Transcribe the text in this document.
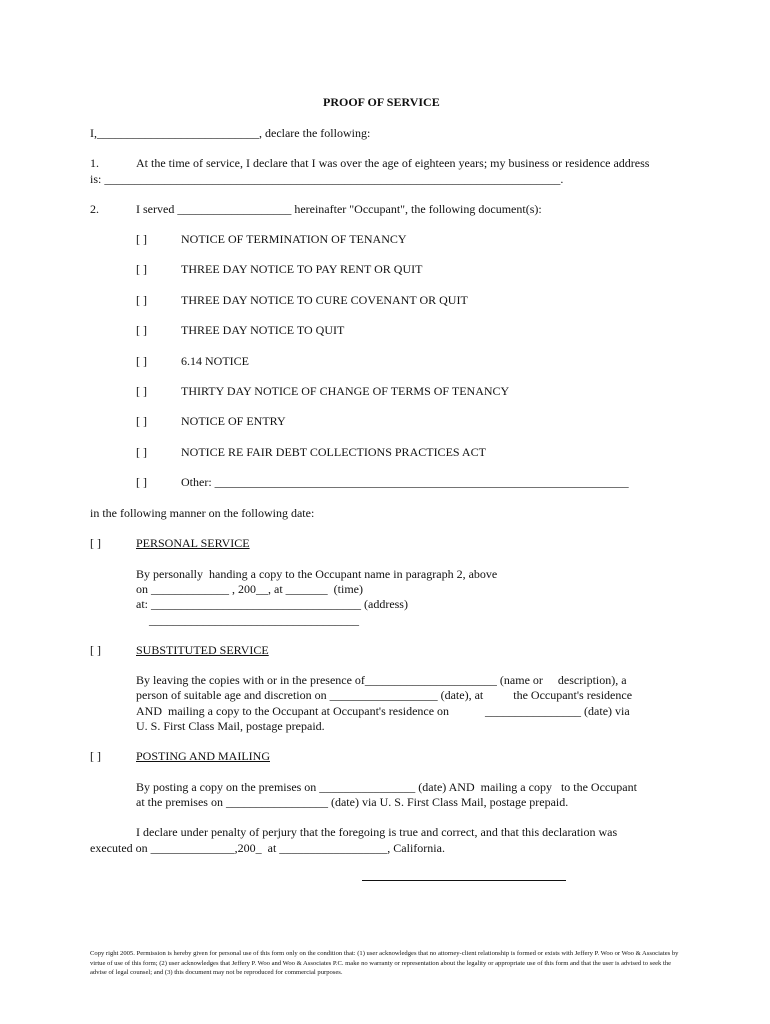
PROOF OF SERVICE
I,___________________________, declare the following:
1.	At the time of service, I declare that I was over the age of eighteen years; my business or residence address
is: ____________________________________________________________________________.
2.	I served ___________________ hereinafter "Occupant", the following document(s):
[ ]	NOTICE OF TERMINATION OF TENANCY
[ ]	THREE DAY NOTICE TO PAY RENT OR QUIT
[ ]	THREE DAY NOTICE TO CURE COVENANT OR QUIT
[ ]	THREE DAY NOTICE TO QUIT
[ ]	6.14 NOTICE
[ ]	THIRTY DAY NOTICE OF CHANGE OF TERMS OF TENANCY
[ ]	NOTICE OF ENTRY
[ ]	NOTICE RE FAIR DEBT COLLECTIONS PRACTICES ACT
[ ]	Other: _____________________________________________________________________
in the following manner on the following date:
[ ]	PERSONAL SERVICE
By personally  handing a copy to the Occupant name in paragraph 2, above
on _____________ , 200__, at _______  (time)
at: ___________________________________ (address)
___________________________________
[ ]	SUBSTITUTED SERVICE
By leaving the copies with or in the presence of______________________ (name or     description), a
person of suitable age and discretion on __________________ (date), at          the Occupant's residence
AND  mailing a copy to the Occupant at Occupant's residence on            ________________ (date) via
U. S. First Class Mail, postage prepaid.
[ ]	POSTING AND MAILING
By posting a copy on the premises on ________________ (date) AND  mailing a copy   to the Occupant
at the premises on _________________ (date) via U. S. First Class Mail, postage prepaid.
I declare under penalty of perjury that the foregoing is true and correct, and that this declaration was
executed on ______________,200_  at __________________, California.
Copy right 2005. Permission is hereby given for personal use of this form only on the condition that: (1) user acknowledges that no attorney-client relationship is formed or exists with Jeffery P. Woo or Woo & Associates by virtue of use of this form; (2) user acknowledges that Jeffery P. Woo and Woo & Associates P.C. make no warranty or representation about the legality or appropriate use of this form and that the user is advised to seek the advise of legal counsel; and (3) this document may not be reproduced for commercial purposes.
